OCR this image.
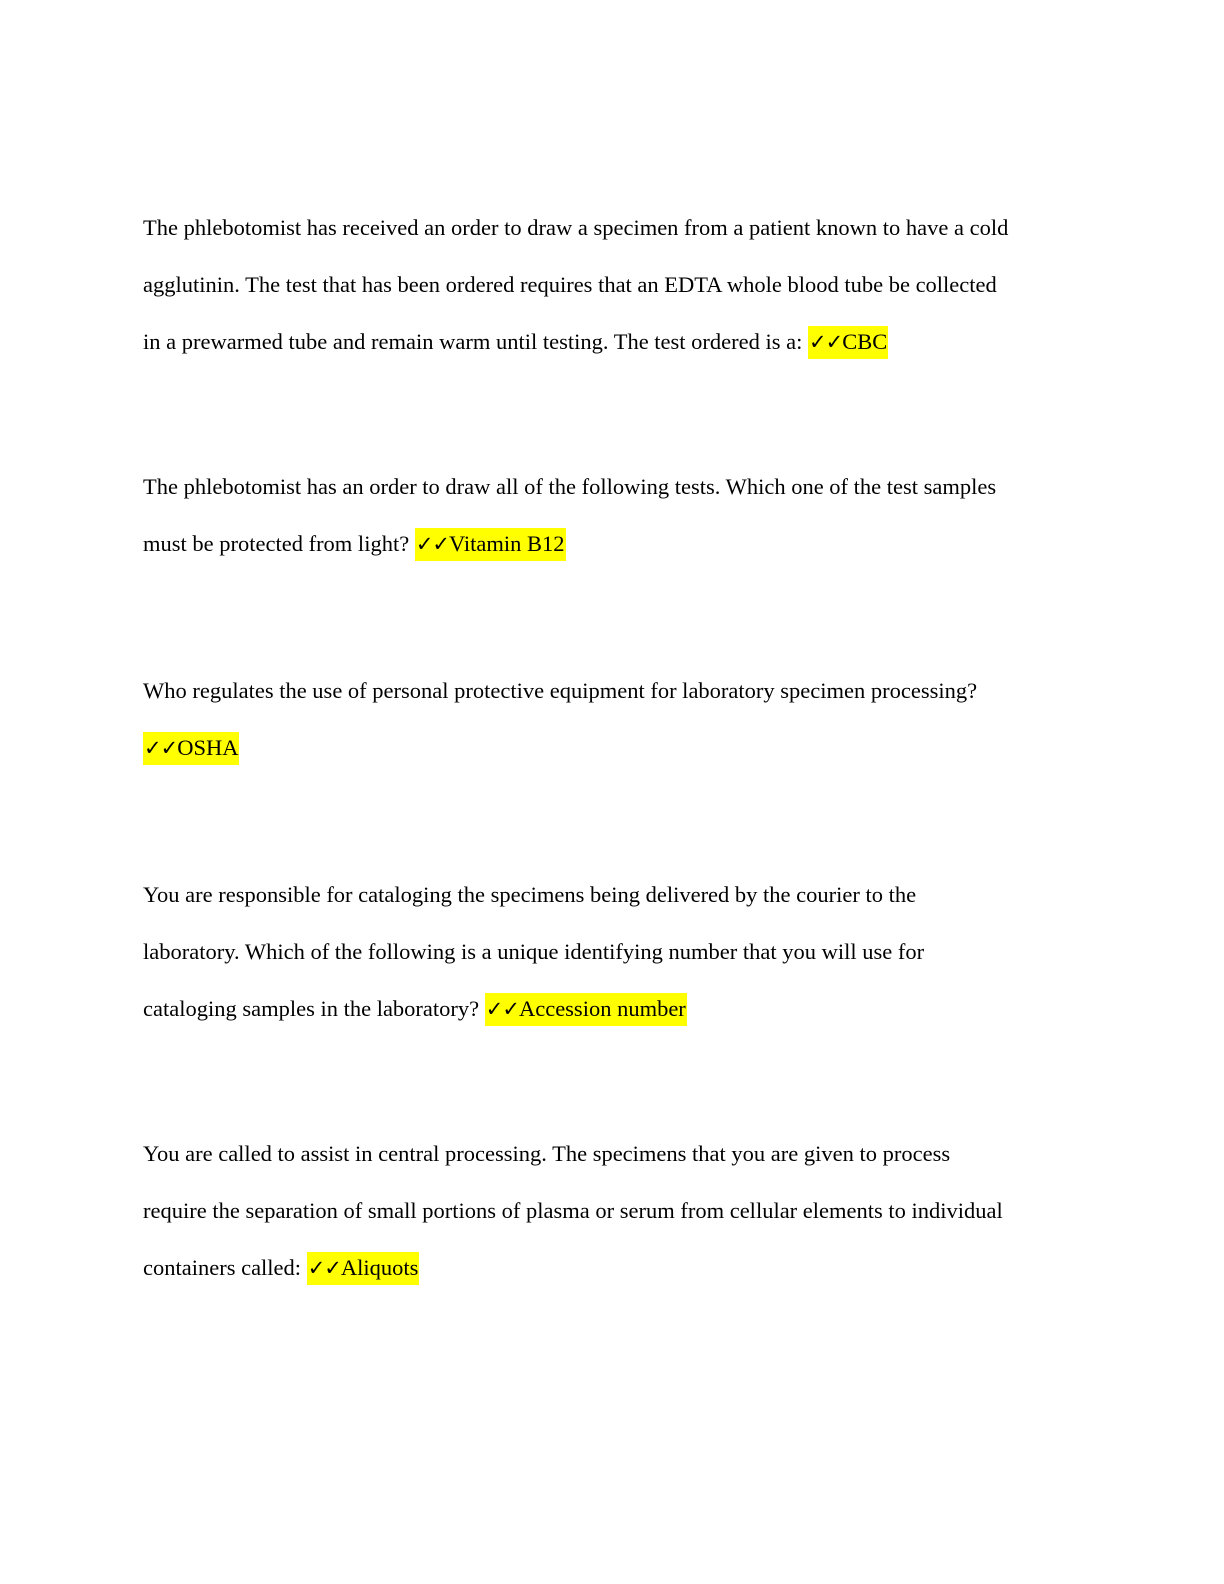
The phlebotomist has received an order to draw a specimen from a patient known to have a cold
agglutinin. The test that has been ordered requires that an EDTA whole blood tube be collected
in a prewarmed tube and remain warm until testing. The test ordered is a: ✓✓CBC
The phlebotomist has an order to draw all of the following tests. Which one of the test samples
must be protected from light? ✓✓Vitamin B12
Who regulates the use of personal protective equipment for laboratory specimen processing?
✓✓OSHA
You are responsible for cataloging the specimens being delivered by the courier to the
laboratory. Which of the following is a unique identifying number that you will use for
cataloging samples in the laboratory? ✓✓Accession number
You are called to assist in central processing. The specimens that you are given to process
require the separation of small portions of plasma or serum from cellular elements to individual
containers called: ✓✓Aliquots
